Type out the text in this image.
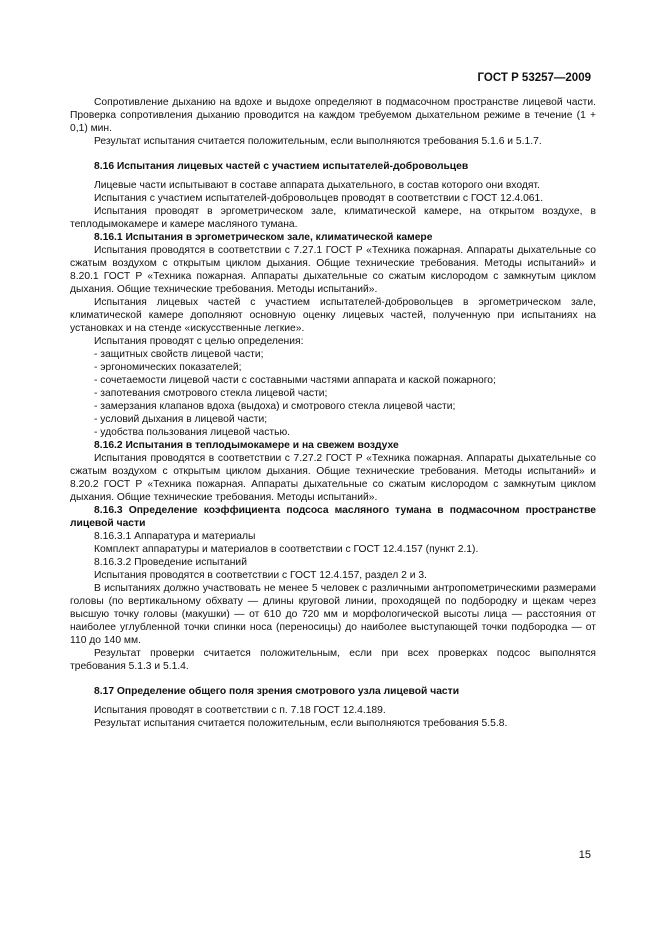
ГОСТ Р 53257—2009

Сопротивление дыханию на вдохе и выдохе определяют в подмасочном пространстве лицевой части. Проверка сопротивления дыханию проводится на каждом требуемом дыхательном режиме в течение (1 + 0,1) мин.

Результат испытания считается положительным, если выполняются требования 5.1.6 и 5.1.7.

8.16 Испытания лицевых частей с участием испытателей-добровольцев

Лицевые части испытывают в составе аппарата дыхательного, в состав которого они входят.

Испытания с участием испытателей-добровольцев проводят в соответствии с ГОСТ 12.4.061.

Испытания проводят в эргометрическом зале, климатической камере, на открытом воздухе, в теплодымокамере и камере масляного тумана.

8.16.1 Испытания в эргометрическом зале, климатической камере

Испытания проводятся в соответствии с 7.27.1 ГОСТ Р «Техника пожарная. Аппараты дыхательные со сжатым воздухом с открытым циклом дыхания. Общие технические требования. Методы испытаний» и 8.20.1 ГОСТ Р «Техника пожарная. Аппараты дыхательные со сжатым кислородом с замкнутым циклом дыхания. Общие технические требования. Методы испытаний».

Испытания лицевых частей с участием испытателей-добровольцев в эргометрическом зале, климатической камере дополняют основную оценку лицевых частей, полученную при испытаниях на установках и на стенде «искусственные легкие».

Испытания проводят с целью определения:

- защитных свойств лицевой части;

- эргономических показателей;

- сочетаемости лицевой части с составными частями аппарата и каской пожарного;

- запотевания смотрового стекла лицевой части;

- замерзания клапанов вдоха (выдоха) и смотрового стекла лицевой части;

- условий дыхания в лицевой части;

- удобства пользования лицевой частью.

8.16.2 Испытания в теплодымокамере и на свежем воздухе

Испытания проводятся в соответствии с 7.27.2 ГОСТ Р «Техника пожарная. Аппараты дыхательные со сжатым воздухом с открытым циклом дыхания. Общие технические требования. Методы испытаний» и 8.20.2 ГОСТ Р «Техника пожарная. Аппараты дыхательные со сжатым кислородом с замкнутым циклом дыхания. Общие технические требования. Методы испытаний».

8.16.3 Определение коэффициента подсоса масляного тумана в подмасочном пространстве лицевой части

8.16.3.1 Аппаратура и материалы

Комплект аппаратуры и материалов в соответствии с ГОСТ 12.4.157 (пункт 2.1).

8.16.3.2 Проведение испытаний

Испытания проводятся в соответствии с ГОСТ 12.4.157, раздел 2 и 3.

В испытаниях должно участвовать не менее 5 человек с различными антропометрическими размерами головы (по вертикальному обхвату — длины круговой линии, проходящей по подбородку и щекам через высшую точку головы (макушки) — от 610 до 720 мм и морфологической высоты лица — расстояния от наиболее углубленной точки спинки носа (переносицы) до наиболее выступающей точки подбородка — от 110 до 140 мм.

Результат проверки считается положительным, если при всех проверках подсос выполнятся требования 5.1.3 и 5.1.4.

8.17 Определение общего поля зрения смотрового узла лицевой части

Испытания проводят в соответствии с п. 7.18 ГОСТ 12.4.189.

Результат испытания считается положительным, если выполняются требования 5.5.8.

15
